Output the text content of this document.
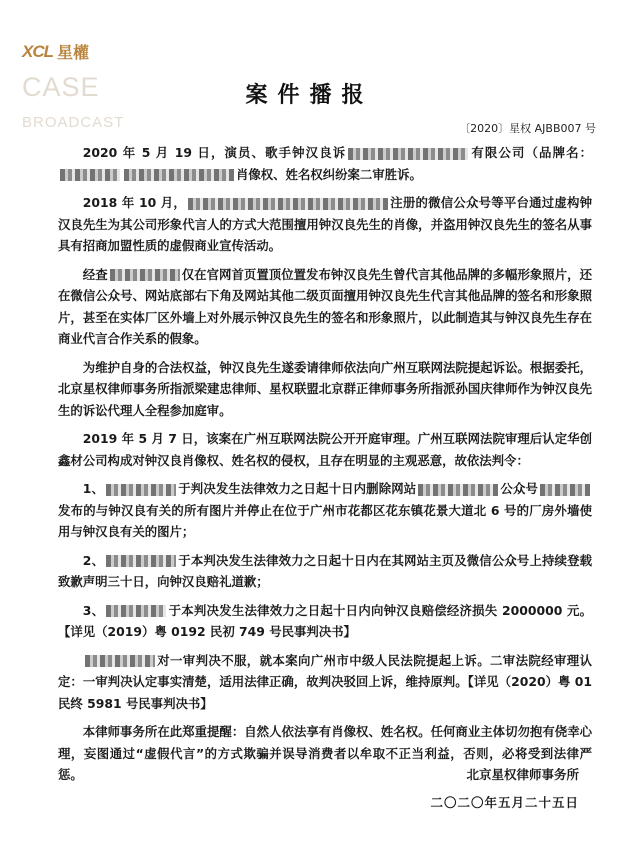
XCL 星權
CASE
BROADCAST
案件播报
〔2020〕星权 AJBB007 号

2020 年 5 月 19 日，演员、歌手钟汉良诉	有限公司（品牌名：肖像权、姓名权纠纷案二审胜诉。

2018 年 10 月，	注册的微信公众号等平台通过虚构钟汉良先生为其公司形象代言人的方式大范围擅用钟汉良先生的肖像，并盗用钟汉良先生的签名从事具有招商加盟性质的虚假商业宣传活动。

经查	仅在官网首页置顶位置发布钟汉良先生曾代言其他品牌的多幅形象照片，还在微信公众号、网站底部右下角及网站其他二级页面擅用钟汉良先生代言其他品牌的签名和形象照片，甚至在实体厂区外墙上对外展示钟汉良先生的签名和形象照片，以此制造其与钟汉良先生存在商业代言合作关系的假象。

为维护自身的合法权益，钟汉良先生遂委请律师依法向广州互联网法院提起诉讼。根据委托，北京星权律师事务所指派梁建忠律师、星权联盟北京群正律师事务所指派孙国庆律师作为钟汉良先生的诉讼代理人全程参加庭审。

2019 年 5 月 7 日，该案在广州互联网法院公开开庭审理。广州互联网法院审理后认定华创鑫材公司构成对钟汉良肖像权、姓名权的侵权，且存在明显的主观恶意，故依法判令：

1、	于判决发生法律效力之日起十日内删除网站	公众号发布的与钟汉良有关的所有图片并停止在位于广州市花都区花东镇花景大道北 6 号的厂房外墙使用与钟汉良有关的图片；

2、	于本判决发生法律效力之日起十日内在其网站主页及微信公众号上持续登载致歉声明三十日，向钟汉良赔礼道歉；

3、	于本判决发生法律效力之日起十日内向钟汉良赔偿经济损失 2000000 元。【详见（2019）粤 0192 民初 749 号民事判决书】

对一审判决不服，就本案向广州市中级人民法院提起上诉。二审法院经审理认定：一审判决认定事实清楚，适用法律正确，故判决驳回上诉，维持原判。【详见（2020）粤 01 民终 5981 号民事判决书】

本律师事务所在此郑重提醒：自然人依法享有肖像权、姓名权。任何商业主体切勿抱有侥幸心理，妄图通过“虚假代言”的方式欺骗并误导消费者以牟取不正当利益，否则，必将受到法律严惩。	北京星权律师事务所
二〇二〇年五月二十五日
